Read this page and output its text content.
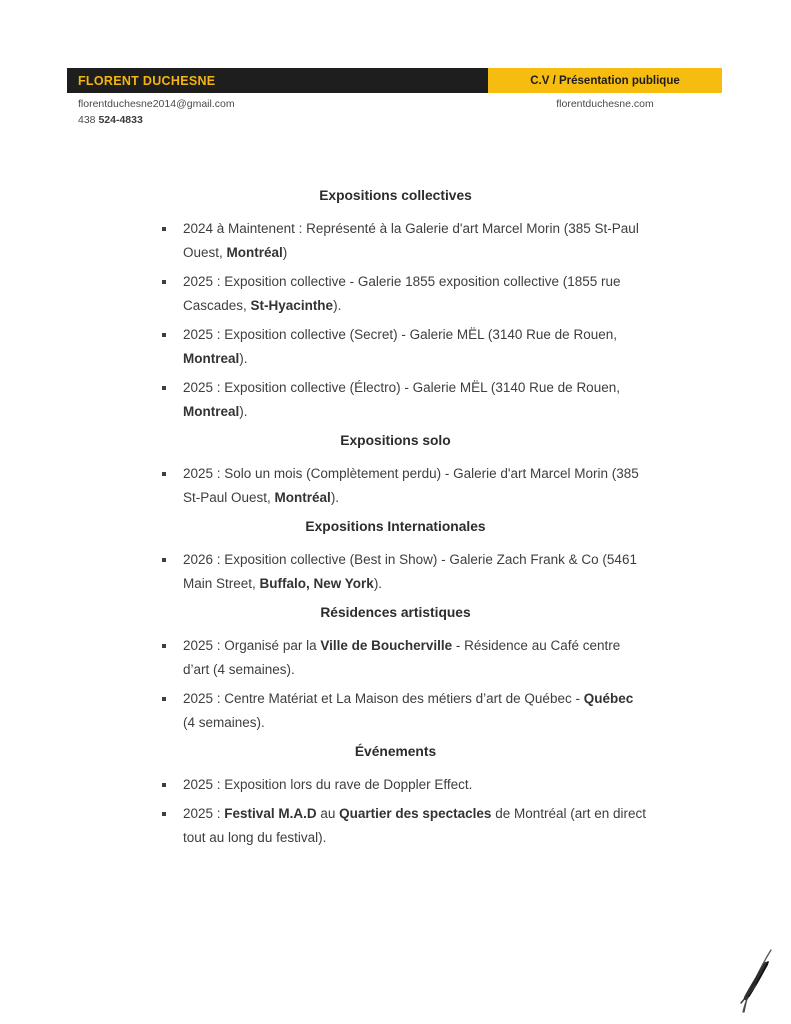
FLORENT DUCHESNE	C.V / Présentation publique
florentduchesne2014@gmail.com
438 524-4833
florentduchesne.com
Expositions collectives
2024 à Maintenent : Représenté à la Galerie d'art Marcel Morin (385 St-Paul Ouest, Montréal)
2025 : Exposition collective - Galerie 1855 exposition collective (1855 rue Cascades, St-Hyacinthe).
2025 : Exposition collective (Secret) - Galerie MËL (3140 Rue de Rouen, Montreal).
2025 : Exposition collective (Électro) - Galerie MËL (3140 Rue de Rouen, Montreal).
Expositions solo
2025 : Solo un mois (Complètement perdu) - Galerie d'art Marcel Morin (385 St-Paul Ouest, Montréal).
Expositions Internationales
2026 : Exposition collective (Best in Show) - Galerie Zach Frank & Co (5461 Main Street, Buffalo, New York).
Résidences artistiques
2025 : Organisé par la Ville de Boucherville - Résidence au Café centre d’art (4 semaines).
2025 : Centre Matériat et La Maison des métiers d’art de Québec - Québec (4 semaines).
Événements
2025 : Exposition lors du rave de Doppler Effect.
2025 : Festival M.A.D au Quartier des spectacles de Montréal (art en direct tout au long du festival).
